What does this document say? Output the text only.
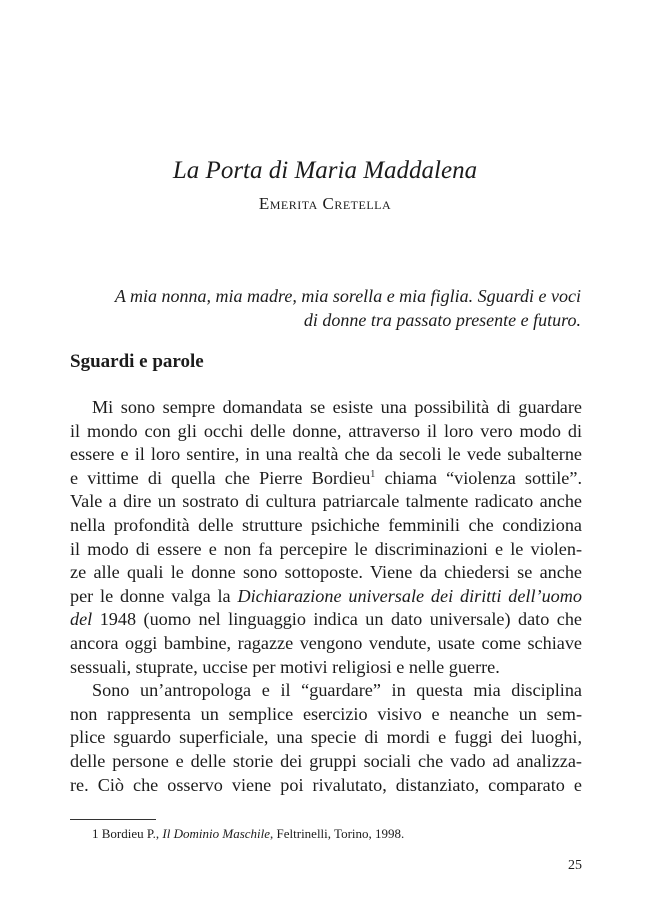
La Porta di Maria Maddalena
Emerita Cretella
A mia nonna, mia madre, mia sorella e mia figlia. Sguardi e voci
di donne tra passato presente e futuro.
Sguardi e parole
Mi sono sempre domandata se esiste una possibilità di guardare
il mondo con gli occhi delle donne, attraverso il loro vero modo di
essere e il loro sentire, in una realtà che da secoli le vede subalterne
e vittime di quella che Pierre Bordieu$^1$ chiama “violenza sottile”.
Vale a dire un sostrato di cultura patriarcale talmente radicato anche
nella profondità delle strutture psichiche femminili che condiziona
il modo di essere e non fa percepire le discriminazioni e le violen-
ze alle quali le donne sono sottoposte. Viene da chiedersi se anche
per le donne valga la Dichiarazione universale dei diritti dell’uomo
del 1948 (uomo nel linguaggio indica un dato universale) dato che
ancora oggi bambine, ragazze vengono vendute, usate come schiave
sessuali, stuprate, uccise per motivi religiosi e nelle guerre.
Sono un’antropologa e il “guardare” in questa mia disciplina
non rappresenta un semplice esercizio visivo e neanche un sem-
plice sguardo superficiale, una specie di mordi e fuggi dei luoghi,
delle persone e delle storie dei gruppi sociali che vado ad analizza-
re. Ciò che osservo viene poi rivalutato, distanziato, comparato e
1 Bordieu P., Il Dominio Maschile, Feltrinelli, Torino, 1998.
25
